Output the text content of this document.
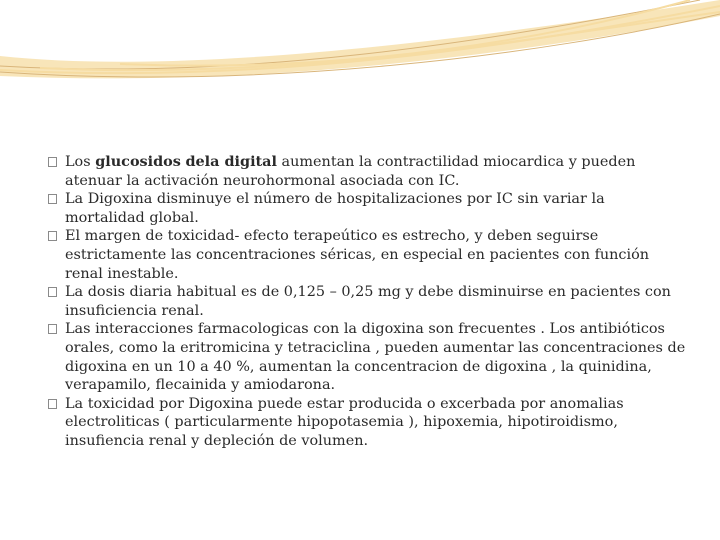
Los glucosidos dela digital aumentan la contractilidad miocardica y pueden atenuar la activación neurohormonal asociada con IC.
La Digoxina disminuye el número de hospitalizaciones por IC sin variar la mortalidad global.
El margen de toxicidad- efecto terapeútico es estrecho, y deben seguirse estrictamente las concentraciones séricas, en especial en pacientes con función renal inestable.
La dosis diaria habitual es de 0,125 – 0,25 mg y debe disminuirse en pacientes con insuficiencia renal.
Las interacciones farmacologicas con la digoxina son frecuentes . Los antibióticos orales, como la eritromicina y tetraciclina , pueden aumentar las concentraciones de digoxina en un 10 a 40 %, aumentan la concentracion de digoxina , la quinidina, verapamilo, flecainida y amiodarona.
La toxicidad por Digoxina puede estar producida o excerbada por anomalias electroliticas ( particularmente hipopotasemia ), hipoxemia, hipotiroidismo, insufiencia renal y depleción de volumen.
